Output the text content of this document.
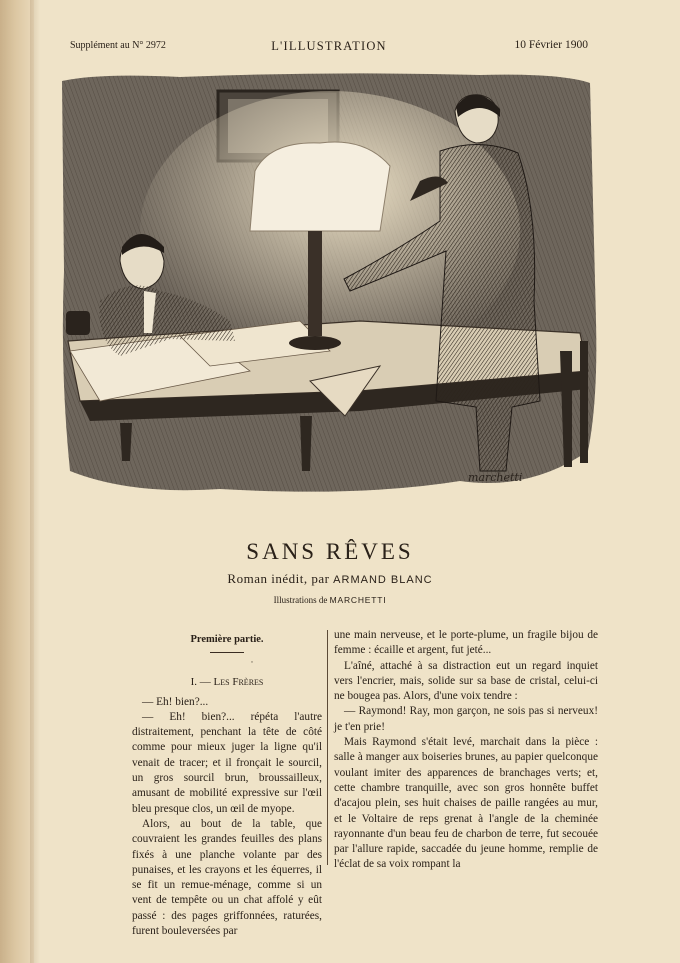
Supplément au N° 2972	L'ILLUSTRATION	10 Février 1900
marchetti
SANS RÊVES
Roman inédit, par ARMAND BLANC
Illustrations de MARCHETTI
Première partie.
·
I. — Les Frères

— Eh! bien?...

— Eh! bien?... répéta l'autre distraitement, penchant la tête de côté comme pour mieux juger la ligne qu'il venait de tracer; et il fronçait le sourcil, un gros sourcil brun, broussailleux, amusant de mobilité expressive sur l'œil bleu presque clos, un œil de myope.

Alors, au bout de la table, que couvraient les grandes feuilles des plans fixés à une planche volante par des punaises, et les crayons et les équerres, il se fit un remue-ménage, comme si un vent de tempête ou un chat affolé y eût passé : des pages griffonnées, raturées, furent bouleversées par

une main nerveuse, et le porte-plume, un fragile bijou de femme : écaille et argent, fut jeté...

L'aîné, attaché à sa distraction eut un regard inquiet vers l'encrier, mais, solide sur sa base de cristal, celui-ci ne bougea pas. Alors, d'une voix tendre :

— Raymond! Ray, mon garçon, ne sois pas si nerveux! je t'en prie!

Mais Raymond s'était levé, marchait dans la pièce : salle à manger aux boiseries brunes, au papier quelconque voulant imiter des apparences de branchages verts; et, cette chambre tranquille, avec son gros honnête buffet d'acajou plein, ses huit chaises de paille rangées au mur, et le Voltaire de reps grenat à l'angle de la cheminée rayonnante d'un beau feu de charbon de terre, fut secouée par l'allure rapide, saccadée du jeune homme, remplie de l'éclat de sa voix rompant la
